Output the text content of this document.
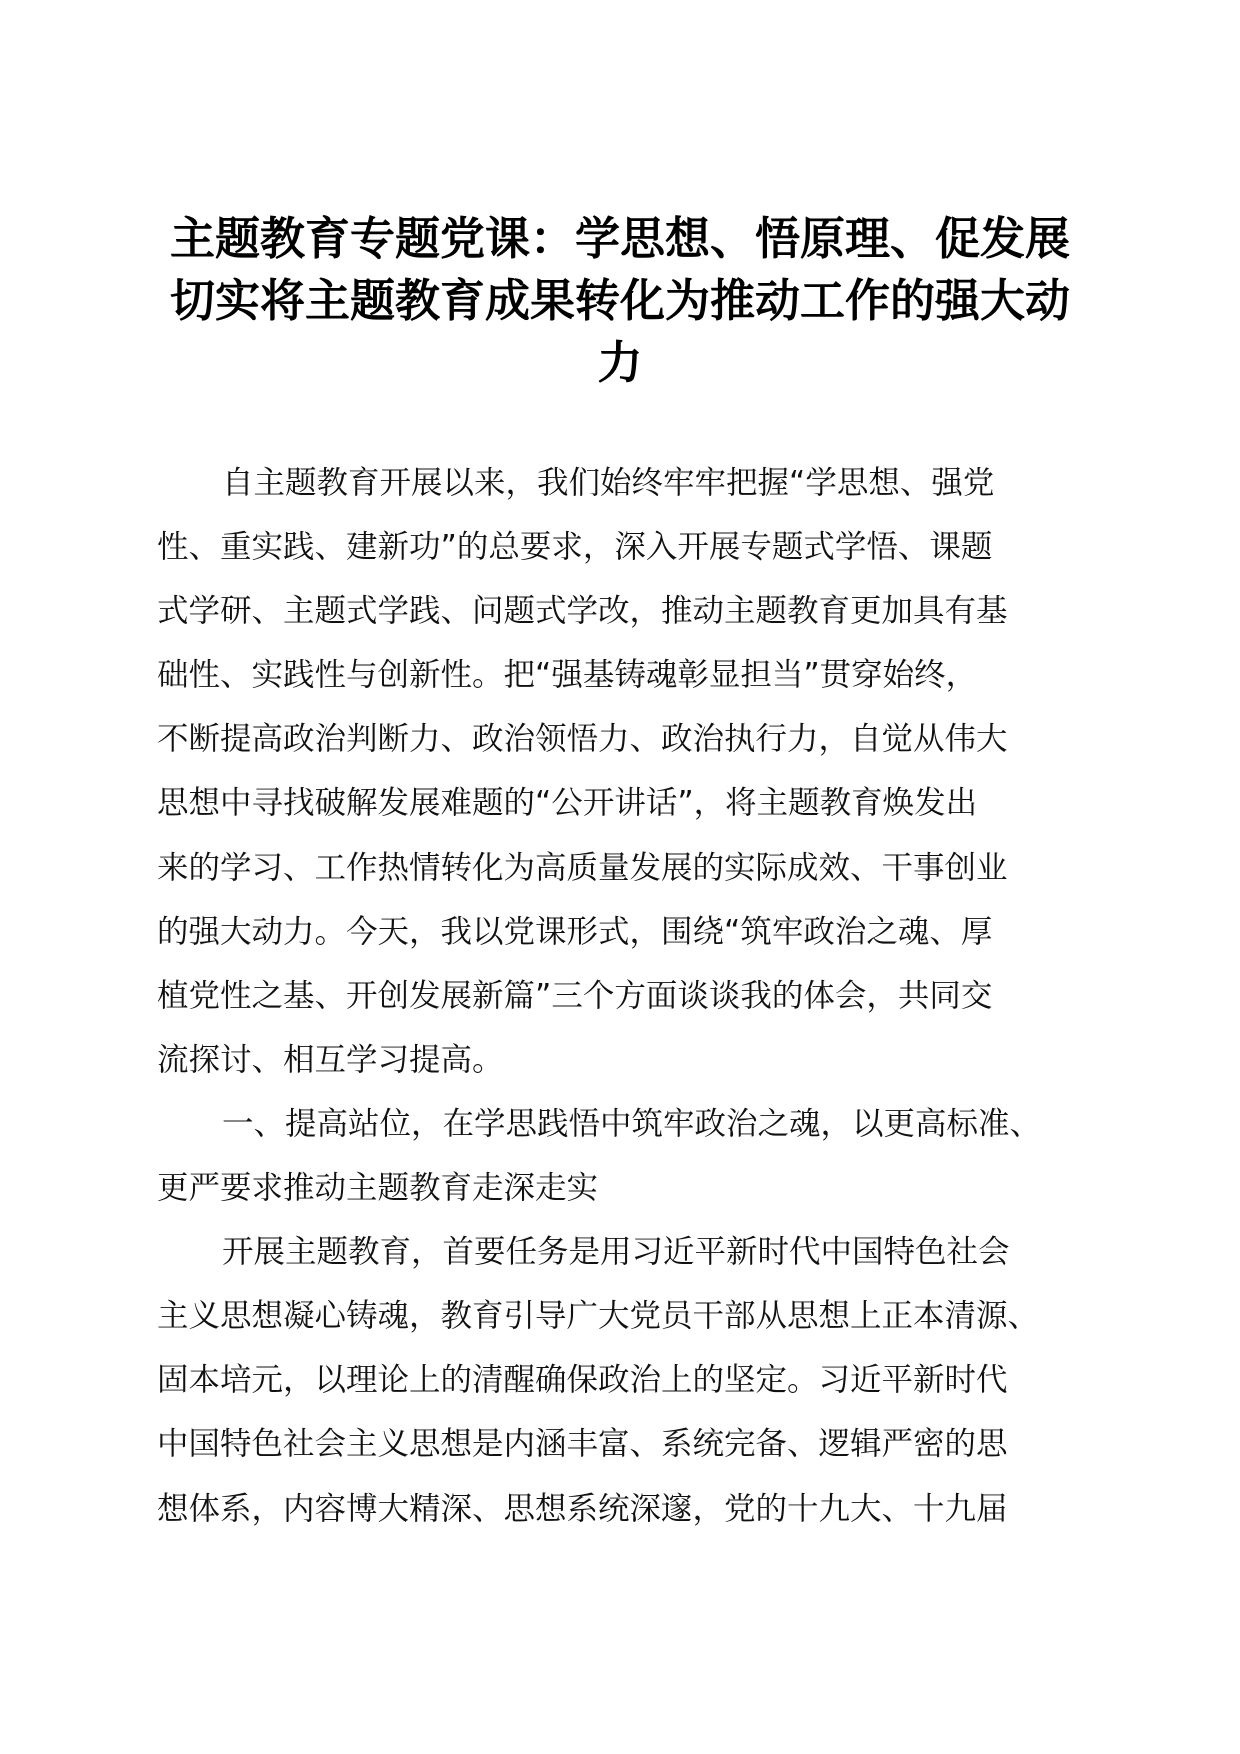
主题教育专题党课：学思想、悟原理、促发展
切实将主题教育成果转化为推动工作的强大动
力
自主题教育开展以来，我们始终牢牢把握“学思想、强党
性、重实践、建新功”的总要求，深入开展专题式学悟、课题
式学研、主题式学践、问题式学改，推动主题教育更加具有基
础性、实践性与创新性。把“强基铸魂彰显担当”贯穿始终，
不断提高政治判断力、政治领悟力、政治执行力，自觉从伟大
思想中寻找破解发展难题的“公开讲话”，将主题教育焕发出
来的学习、工作热情转化为高质量发展的实际成效、干事创业
的强大动力。今天，我以党课形式，围绕“筑牢政治之魂、厚
植党性之基、开创发展新篇”三个方面谈谈我的体会，共同交
流探讨、相互学习提高。
一、提高站位，在学思践悟中筑牢政治之魂，以更高标准、
更严要求推动主题教育走深走实
开展主题教育，首要任务是用习近平新时代中国特色社会
主义思想凝心铸魂，教育引导广大党员干部从思想上正本清源、
固本培元，以理论上的清醒确保政治上的坚定。习近平新时代
中国特色社会主义思想是内涵丰富、系统完备、逻辑严密的思
想体系，内容博大精深、思想系统深邃，党的十九大、十九届
